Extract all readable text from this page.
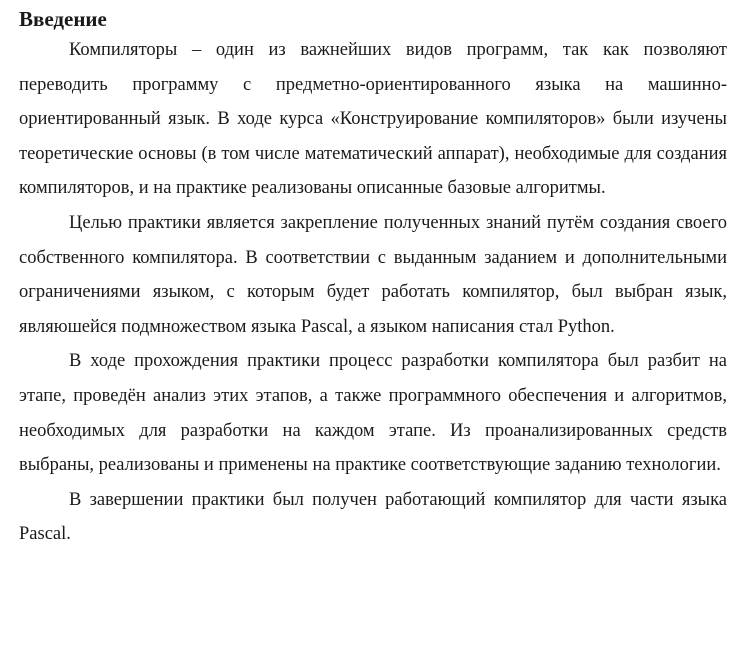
Введение

Компиляторы – один из важнейших видов программ, так как позволяют переводить программу с предметно-ориентированного языка на машинно-ориентированный язык. В ходе курса «Конструирование компиляторов» были изучены теоретические основы (в том числе математический аппарат), необходимые для создания компиляторов, и на практике реализованы описанные базовые алгоритмы.

Целью практики является закрепление полученных знаний путём создания своего собственного компилятора. В соответствии с выданным заданием и дополнительными ограничениями языком, с которым будет работать компилятор, был выбран язык, являюшейся подмножеством языка Pascal, а языком написания стал Python.

В ходе прохождения практики процесс разработки компилятора был разбит на этапе, проведён анализ этих этапов, а также программного обеспечения и алгоритмов, необходимых для разработки на каждом этапе. Из проанализированных средств выбраны, реализованы и применены на практике соответствующие заданию технологии.

В завершении практики был получен работающий компилятор для части языка Pascal.
